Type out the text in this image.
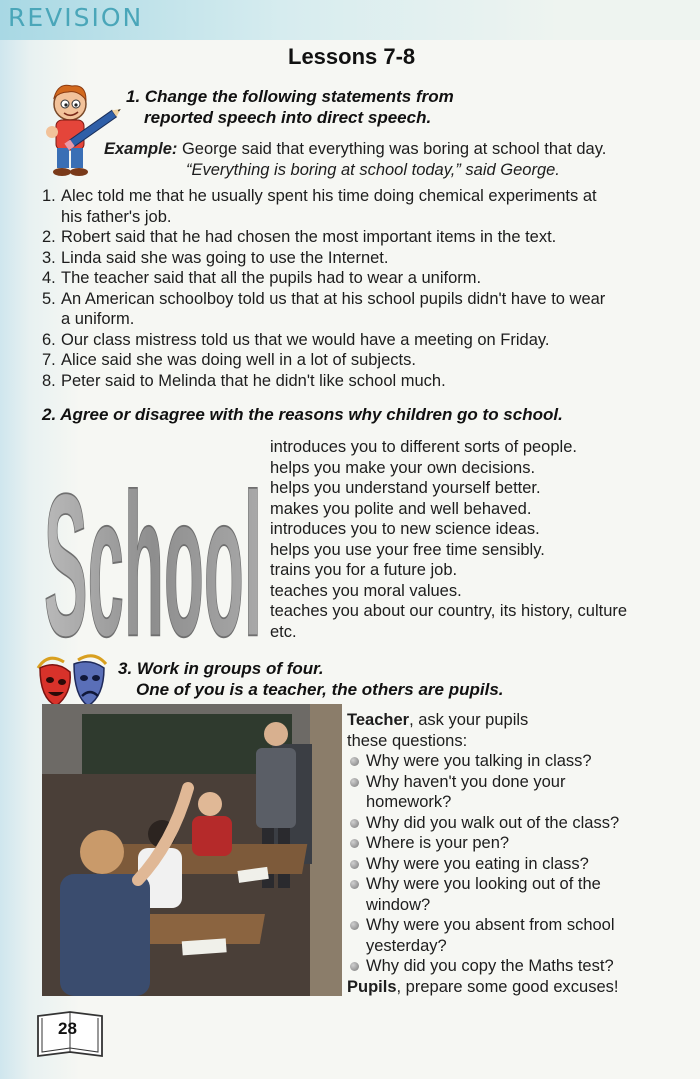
REVISION
Lessons 7-8
1. Change the following statements from
reported speech into direct speech.
Example: George said that everything was boring at school that day.
“Everything is boring at school today,” said George.
1. Alec told me that he usually spent his time doing chemical experiments at
his father's job.
2. Robert said that he had chosen the most important items in the text.
3. Linda said she was going to use the Internet.
4. The teacher said that all the pupils had to wear a uniform.
5. An American schoolboy told us that at his school pupils didn't have to wear
a uniform.
6. Our class mistress told us that we would have a meeting on Friday.
7. Alice said she was doing well in a lot of subjects.
8. Peter said to Melinda that he didn't like school much.
2. Agree or disagree with the reasons why children go to school.
School
introduces you to different sorts of people.
helps you make your own decisions.
helps you understand yourself better.
makes you polite and well behaved.
introduces you to new science ideas.
helps you use your free time sensibly.
trains you for a future job.
teaches you moral values.
teaches you about our country, its history, culture
etc.
3. Work in groups of four.
One of you is a teacher, the others are pupils.
Teacher, ask your pupils
these questions:
Why were you talking in class?
Why haven't you done your
homework?
Why did you walk out of the class?
Where is your pen?
Why were you eating in class?
Why were you looking out of the
window?
Why were you absent from school
yesterday?
Why did you copy the Maths test?
Pupils, prepare some good excuses!
28
